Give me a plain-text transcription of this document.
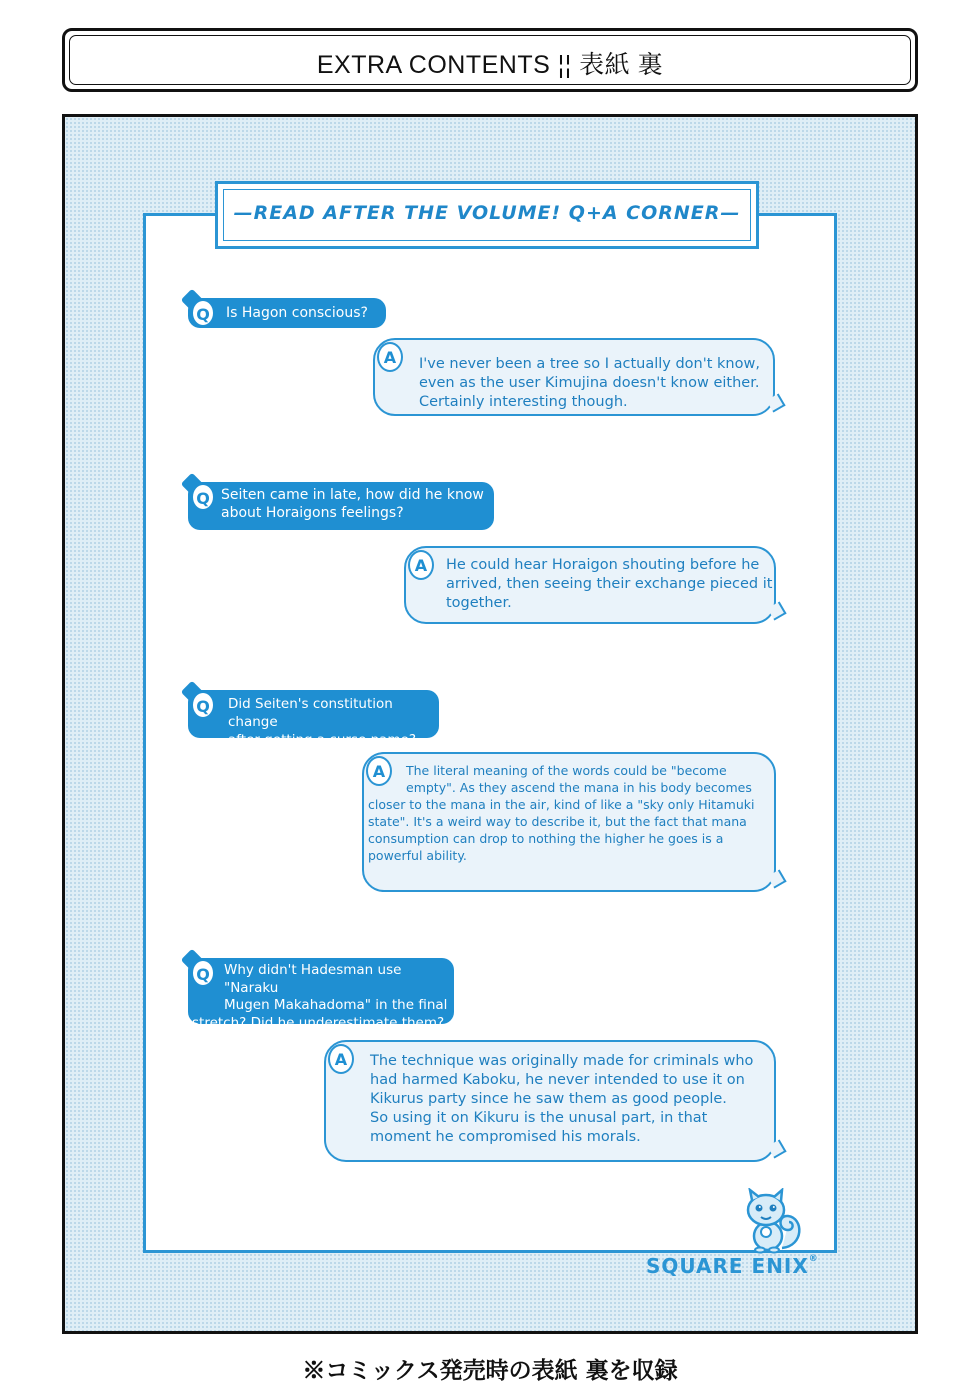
EXTRA CONTENTS ¦¦ 表紙 裏
—READ AFTER THE VOLUME! Q+A CORNER—
Q	Is Hagon conscious?
A	I've never been a tree so I actually don't know,
even as the user Kimujina doesn't know either.
Certainly interesting though.
Q Seiten came in late, how did he know
about Horaigons feelings?
A	He could hear Horaigon shouting before he
arrived, then seeing their exchange pieced it
together.
Q	Did Seiten's constitution change
after getting a curse name?
A	The literal meaning of the words could be "become
empty". As they ascend the mana in his body becomes
closer to the mana in the air, kind of like a "sky only Hitamuki
state". It's a weird way to describe it, but the fact that mana
consumption can drop to nothing the higher he goes is a
powerful ability.
Q	Why didn't Hadesman use "Naraku
Mugen Makahadoma" in the final
stretch? Did he underestimate them?
A	The technique was originally made for criminals who
had harmed Kaboku, he never intended to use it on
Kikurus party since he saw them as good people.
So using it on Kikuru is the unusal part, in that
moment he compromised his morals.
SQUARE ENIX®
※コミックス発売時の表紙 裏を収録
